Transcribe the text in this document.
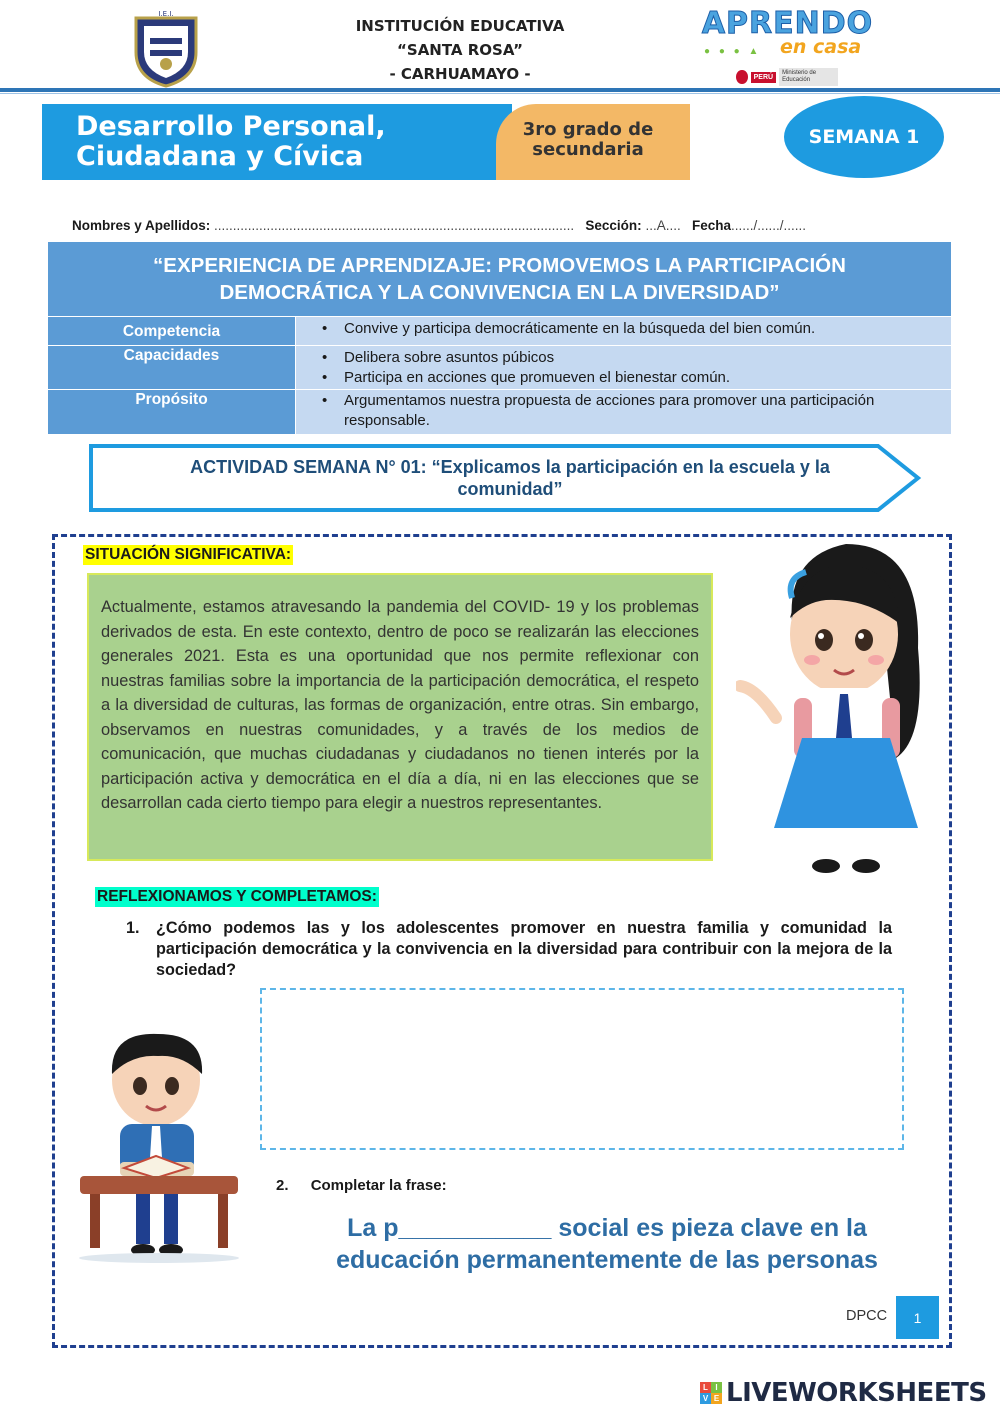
I.E.I.
INSTITUCIÓN EDUCATIVA
“SANTA ROSA”
- CARHUAMAYO -
APRENDO
● ● ● ▲ en casa
PERÚ
Ministerio de Educación
Desarrollo Personal,
Ciudadana y Cívica
3ro grado de
secundaria
SEMANA 1
Nombres y Apellidos: ................................................................................................ Sección: ...A.... Fecha....../....../......
“EXPERIENCIA DE APRENDIZAJE: PROMOVEMOS LA PARTICIPACIÓN
DEMOCRÁTICA Y LA CONVIVENCIA EN LA DIVERSIDAD”
Competencia	• Convive y participa democráticamente en la búsqueda del bien común.
Capacidades	• Delibera sobre asuntos púbicos
• Participa en acciones que promueven el bienestar común.
Propósito	• Argumentamos nuestra propuesta de acciones para promover una participación responsable.
ACTIVIDAD SEMANA N° 01: “Explicamos la participación en la escuela y la
comunidad”
SITUACIÓN SIGNIFICATIVA:

Actualmente, estamos atravesando la pandemia del COVID- 19 y los problemas derivados de esta. En este contexto, dentro de poco se realizarán las elecciones generales 2021. Esta es una oportunidad que nos permite reflexionar con nuestras familias sobre la importancia de la participación democrática, el respeto a la diversidad de culturas, las formas de organización, entre otras. Sin embargo, observamos en nuestras comunidades, y a través de los medios de comunicación, que muchas ciudadanas y ciudadanos no tienen interés por la participación activa y democrática en el día a día, ni en las elecciones que se desarrollan cada cierto tiempo para elegir a nuestros representantes.

REFLEXIONAMOS Y COMPLETAMOS:
1. ¿Cómo podemos las y los adolescentes promover en nuestra familia y comunidad la participación democrática y la convivencia en la diversidad para contribuir con la mejora de la sociedad?
2. Completar la frase:
La p___________ social es pieza clave en la
educación permanentemente de las personas
DPCC	1
L I
V E LIVEWORKSHEETS
